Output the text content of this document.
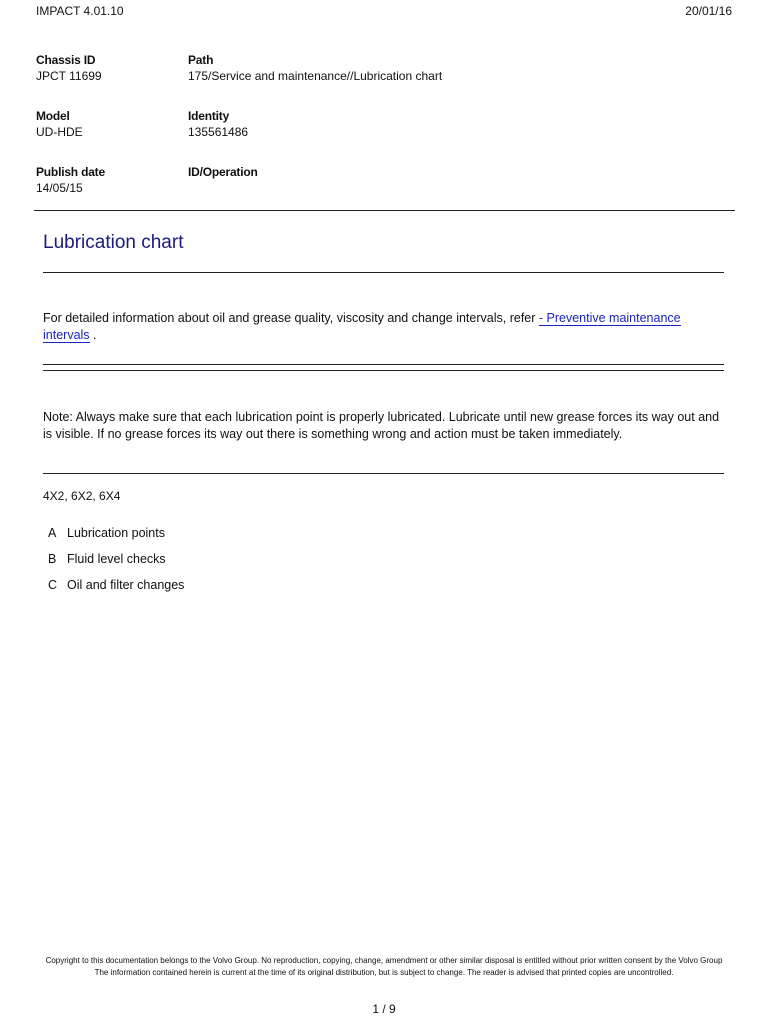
IMPACT 4.01.10	20/01/16
Chassis ID
JPCT 11699
Path
175/Service and maintenance//Lubrication chart
Model
UD-HDE
Identity
135561486
Publish date
14/05/15
ID/Operation
Lubrication chart
For detailed information about oil and grease quality, viscosity and change intervals, refer - Preventive maintenance intervals .
Note: Always make sure that each lubrication point is properly lubricated. Lubricate until new grease forces its way out and is visible. If no grease forces its way out there is something wrong and action must be taken immediately.
4X2, 6X2, 6X4
A Lubrication points
B Fluid level checks
C Oil and filter changes
Copyright to this documentation belongs to the Volvo Group. No reproduction, copying, change, amendment or other similar disposal is entitled without prior written consent by the Volvo Group
The information contained herein is current at the time of its original distribution, but is subject to change. The reader is advised that printed copies are uncontrolled.
1 / 9
